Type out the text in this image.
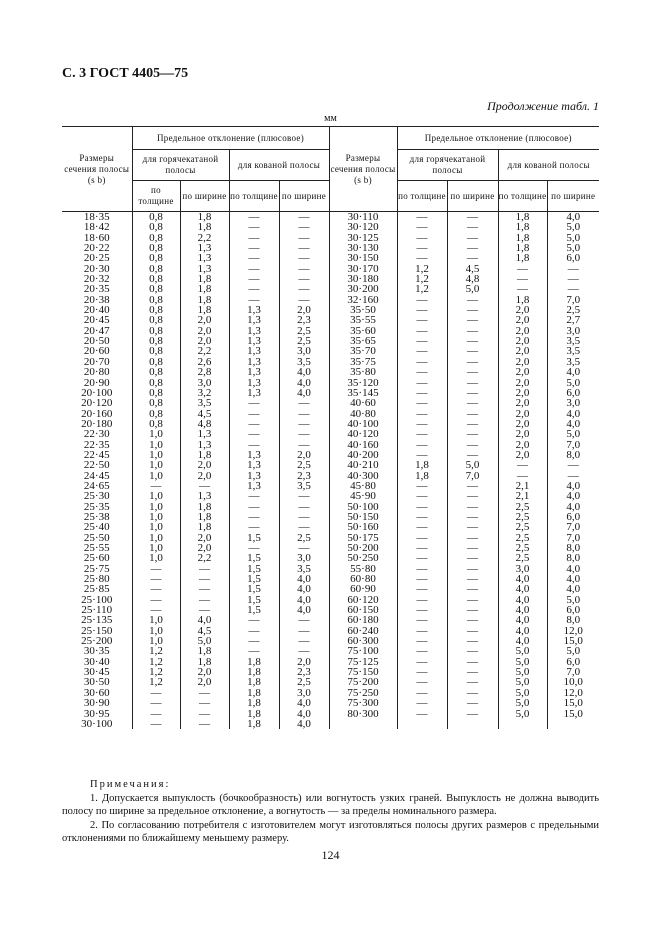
С. 3 ГОСТ 4405—75
Продолжение табл. 1
мм
Размеры сечения полосы (s b)	Предельное отклонение (плюсовое)				Размеры сечения полосы (s b)	Предельное отклонение (плюсовое)			
	для горячекатаной полосы		для кованой полосы			для горячекатаной полосы		для кованой полосы	
	по толщине	по ширине	по толщине	по ширине		по толщине	по ширине	по толщине	по ширине
18·35	0,8	1,8	—	—	30·110	—	—	1,8	4,0
18·42	0,8	1,8	—	—	30·120	—	—	1,8	5,0
18·60	0,8	2,2	—	—	30·125	—	—	1,8	5,0
20·22	0,8	1,3	—	—	30·130	—	—	1,8	5,0
20·25	0,8	1,3	—	—	30·150	—	—	1,8	6,0
20·30	0,8	1,3	—	—	30·170	1,2	4,5	—	—
20·32	0,8	1,8	—	—	30·180	1,2	4,8	—	—
20·35	0,8	1,8	—	—	30·200	1,2	5,0	—	—
20·38	0,8	1,8	—	—	32·160	—	—	1,8	7,0
20·40	0,8	1,8	1,3	2,0	35·50	—	—	2,0	2,5
20·45	0,8	2,0	1,3	2,3	35·55	—	—	2,0	2,7
20·47	0,8	2,0	1,3	2,5	35·60	—	—	2,0	3,0
20·50	0,8	2,0	1,3	2,5	35·65	—	—	2,0	3,5
20·60	0,8	2,2	1,3	3,0	35·70	—	—	2,0	3,5
20·70	0,8	2,6	1,3	3,5	35·75	—	—	2,0	3,5
20·80	0,8	2,8	1,3	4,0	35·80	—	—	2,0	4,0
20·90	0,8	3,0	1,3	4,0	35·120	—	—	2,0	5,0
20·100	0,8	3,2	1,3	4,0	35·145	—	—	2,0	6,0
20·120	0,8	3,5	—	—	40·60	—	—	2,0	3,0
20·160	0,8	4,5	—	—	40·80	—	—	2,0	4,0
20·180	0,8	4,8	—	—	40·100	—	—	2,0	4,0
22·30	1,0	1,3	—	—	40·120	—	—	2,0	5,0
22·35	1,0	1,3	—	—	40·160	—	—	2,0	7,0
22·45	1,0	1,8	1,3	2,0	40·200	—	—	2,0	8,0
22·50	1,0	2,0	1,3	2,5	40·210	1,8	5,0	—	—
24·45	1,0	2,0	1,3	2,3	40·300	1,8	7,0	—	—
24·65	—	—	1,3	3,5	45·80	—	—	2,1	4,0
25·30	1,0	1,3	—	—	45·90	—	—	2,1	4,0
25·35	1,0	1,8	—	—	50·100	—	—	2,5	4,0
25·38	1,0	1,8	—	—	50·150	—	—	2,5	6,0
25·40	1,0	1,8	—	—	50·160	—	—	2,5	7,0
25·50	1,0	2,0	1,5	2,5	50·175	—	—	2,5	7,0
25·55	1,0	2,0	—	—	50·200	—	—	2,5	8,0
25·60	1,0	2,2	1,5	3,0	50·250	—	—	2,5	8,0
25·75	—	—	1,5	3,5	55·80	—	—	3,0	4,0
25·80	—	—	1,5	4,0	60·80	—	—	4,0	4,0
25·85	—	—	1,5	4,0	60·90	—	—	4,0	4,0
25·100	—	—	1,5	4,0	60·120	—	—	4,0	5,0
25·110	—	—	1,5	4,0	60·150	—	—	4,0	6,0
25·135	1,0	4,0	—	—	60·180	—	—	4,0	8,0
25·150	1,0	4,5	—	—	60·240	—	—	4,0	12,0
25·200	1,0	5,0	—	—	60·300	—	—	4,0	15,0
30·35	1,2	1,8	—	—	75·100	—	—	5,0	5,0
30·40	1,2	1,8	1,8	2,0	75·125	—	—	5,0	6,0
30·45	1,2	2,0	1,8	2,3	75·150	—	—	5,0	7,0
30·50	1,2	2,0	1,8	2,5	75·200	—	—	5,0	10,0
30·60	—	—	1,8	3,0	75·250	—	—	5,0	12,0
30·90	—	—	1,8	4,0	75·300	—	—	5,0	15,0
30·95	—	—	1,8	4,0	80·300	—	—	5,0	15,0
30·100	—	—	1,8	4,0					
Примечания:

1. Допускается выпуклость (бочкообразность) или вогнутость узких граней. Выпуклость не должна выводить полосу по ширине за предельное отклонение, а вогнутость — за пределы номинального размера.

2. По согласованию потребителя с изготовителем могут изготовляться полосы других размеров с предельными отклонениями по ближайшему меньшему размеру.

124
